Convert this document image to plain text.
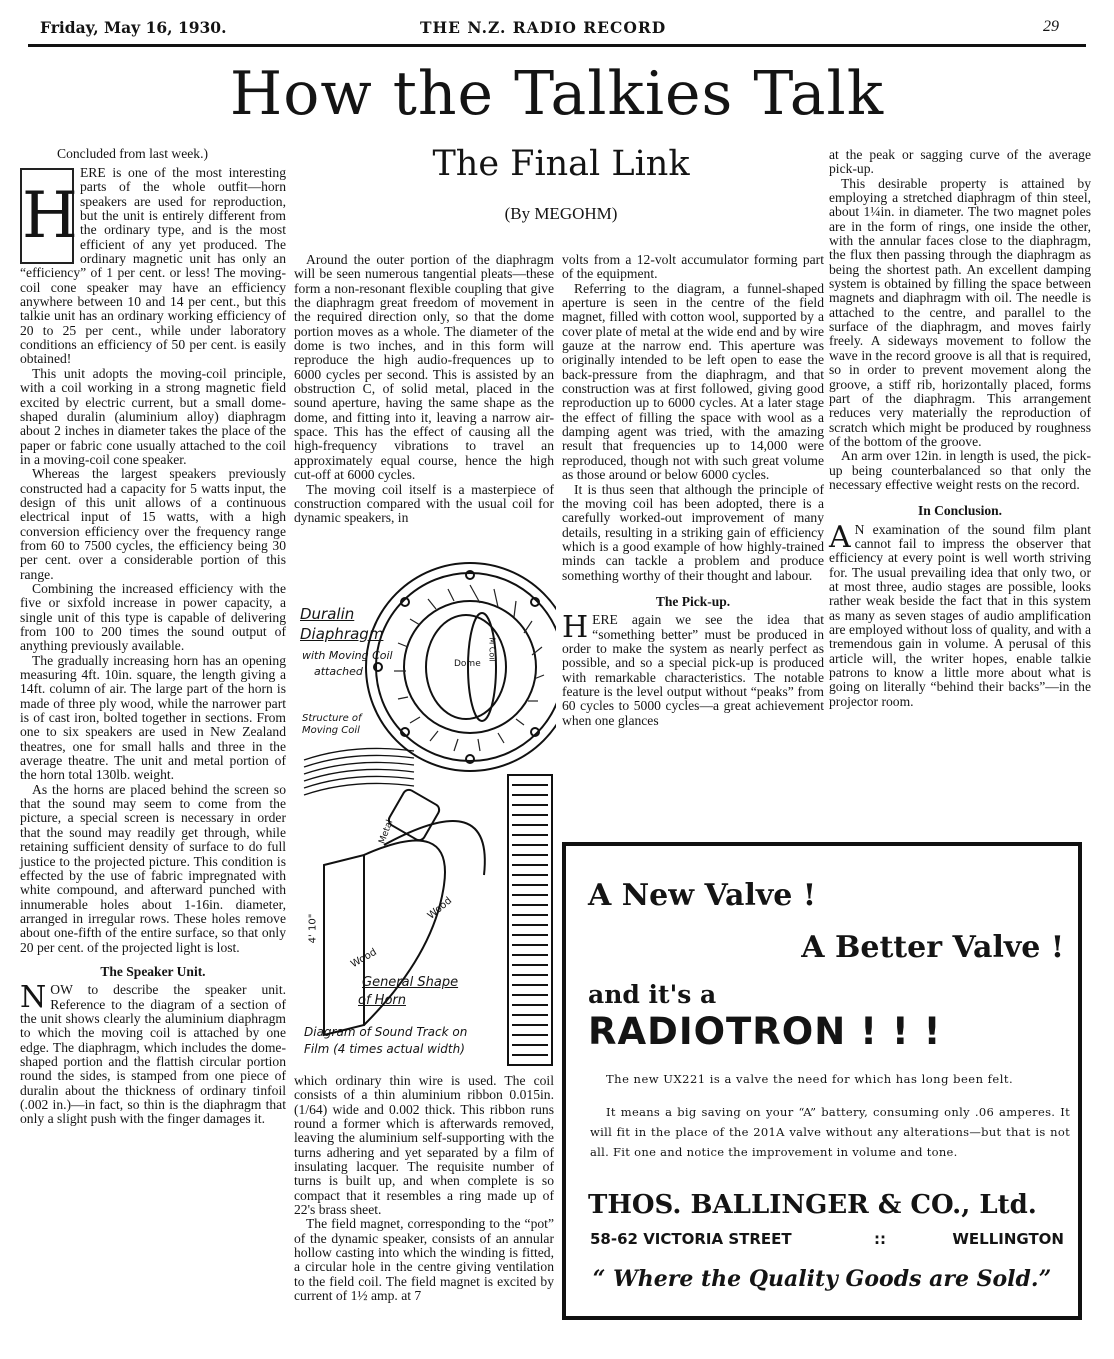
Friday, May 16, 1930.	THE N.Z. RADIO RECORD	29
How the Talkies Talk
Concluded from last week.)

H
ERE is one of the most interesting parts of the whole outfit—horn speakers are used for reproduction, but the unit is entirely different from the ordinary type, and is the most efficient of any yet produced. The ordinary magnetic unit has only an “efficiency” of 1 per cent. or less! The moving-coil cone speaker may have an efficiency anywhere between 10 and 14 per cent., but this talkie unit has an ordinary working efficiency of 20 to 25 per cent., while under laboratory conditions an efficiency of 50 per cent. is easily obtained!

This unit adopts the moving-coil principle, with a coil working in a strong magnetic field excited by electric current, but a small dome-shaped duralin (aluminium alloy) diaphragm about 2 inches in diameter takes the place of the paper or fabric cone usually attached to the coil in a moving-coil cone speaker.

Whereas the largest speakers previously constructed had a capacity for 5 watts input, the design of this unit allows of a continuous electrical input of 15 watts, with a high conversion efficiency over the frequency range from 60 to 7500 cycles, the efficiency being 30 per cent. over a considerable portion of this range.

Combining the increased efficiency with the five or sixfold increase in power capacity, a single unit of this type is capable of delivering from 100 to 200 times the sound output of anything previously available.

The gradually increasing horn has an opening measuring 4ft. 10in. square, the length giving a 14ft. column of air. The large part of the horn is made of three ply wood, while the narrower part is of cast iron, bolted together in sections. From one to six speakers are used in New Zealand theatres, one for small halls and three in the average theatre. The unit and metal portion of the horn total 130lb. weight.

As the horns are placed behind the screen so that the sound may seem to come from the picture, a special screen is necessary in order that the sound may readily get through, while retaining sufficient density of surface to do full justice to the projected picture. This condition is effected by the use of fabric impregnated with white compound, and afterward punched with innumerable holes about 1-16in. diameter, arranged in irregular rows. These holes remove about one-fifth of the entire surface, so that only 20 per cent. of the projected light is lost.

The Speaker Unit.

NOW to describe the speaker unit. Reference to the diagram of a section of the unit shows clearly the aluminium diaphragm to which the moving coil is attached by one edge. The diaphragm, which includes the dome-shaped portion and the flattish circular portion round the sides, is stamped from one piece of duralin about the thickness of ordinary tinfoil (.002 in.)—in fact, so thin is the diaphragm that only a slight push with the finger damages it.

The Final Link
(By MEGOHM)

Around the outer portion of the diaphragm will be seen numerous tangential pleats—these form a non-resonant flexible coupling that give the diaphragm great freedom of movement in the required direction only, so that the dome portion moves as a whole. The diameter of the dome is two inches, and in this form will reproduce the high audio-frequences up to 6000 cycles per second. This is assisted by an obstruction C, of solid metal, placed in the sound aperture, having the same shape as the dome, and fitting into it, leaving a narrow air-space. This has the effect of causing all the high-frequency vibrations to travel an approximately equal course, hence the high cut-off at 6000 cycles.

The moving coil itself is a masterpiece of construction compared with the usual coil for dynamic speakers, in

volts from a 12-volt accumulator forming part of the equipment.

Referring to the diagram, a funnel-shaped aperture is seen in the centre of the field magnet, filled with cotton wool, supported by a cover plate of metal at the wide end and by wire gauze at the narrow end. This aperture was originally intended to be left open to ease the back-pressure from the diaphragm, and that construction was at first followed, giving good reproduction up to 6000 cycles. At a later stage the effect of filling the space with wool as a damping agent was tried, with the amazing result that frequencies up to 14,000 were reproduced, though not with such great volume as those around or below 6000 cycles.

It is thus seen that although the principle of the moving coil has been adopted, there is a carefully worked-out improvement of many details, resulting in a striking gain of efficiency which is a good example of how highly-trained minds can tackle a problem and produce something worthy of their thought and labour.

The Pick-up.

HERE again we see the idea that “something better” must be produced in order to make the system as nearly perfect as possible, and so a special pick-up is produced with remarkable characteristics. The notable feature is the level output without “peaks” from 60 cycles to 5000 cycles—a great achievement when one glances

at the peak or sagging curve of the average pick-up.

This desirable property is attained by employing a stretched diaphragm of thin steel, about 1¼in. in diameter. The two magnet poles are in the form of rings, one inside the other, with the annular faces close to the diaphragm, the flux then passing through the diaphragm as being the shortest path. An excellent damping system is obtained by filling the space between magnets and diaphragm with oil. The needle is attached to the centre, and parallel to the surface of the diaphragm, and moves fairly freely. A sideways movement to follow the wave in the record groove is all that is required, so in order to prevent movement along the groove, a stiff rib, horizontally placed, forms part of the diaphragm. This arrangement reduces very materially the reproduction of scratch which might be produced by roughness of the bottom of the groove.

An arm over 12in. in length is used, the pick-up being counterbalanced so that only the necessary effective weight rests on the record.

In Conclusion.

A N examination of the sound film plant cannot fail to impress the observer that efficiency at every point is well worth striving for. The usual prevailing idea that only two, or at most three, audio stages are possible, looks rather weak beside the fact that in this system as many as seven stages of audio amplification are employed without loss of quality, and with a tremendous gain in volume. A perusal of this article will, the writer hopes, enable talkie patrons to know a little more about what is going on literally “behind their backs”—in the projector room.

Duralin
Diaphragm
with Moving Coil
attached
Structure of
Moving Coil
Dome
M Coil
Metal
Wood
Wood
4' 10"
General Shape
of Horn
Diagram of Sound Track on
Film (4 times actual width)

which ordinary thin wire is used. The coil consists of a thin aluminium ribbon 0.015in. (1/64) wide and 0.002 thick. This ribbon runs round a former which is afterwards removed, leaving the aluminium self-supporting with the turns adhering and yet separated by a film of insulating lacquer. The requisite number of turns is built up, and when complete is so compact that it resembles a ring made up of 22's brass sheet.

The field magnet, corresponding to the “pot” of the dynamic speaker, consists of an annular hollow casting into which the winding is fitted, a circular hole in the centre giving ventilation to the field coil. The field magnet is excited by current of 1½ amp. at 7

A New Valve !
A Better Valve !
and it's a
RADIOTRON ! ! !
The new UX221 is a valve the need for which has long been felt.
It means a big saving on your “A” battery, consuming only .06 amperes. It will fit in the place of the 201A valve without any alterations—but that is not all. Fit one and notice the improvement in volume and tone.
THOS. BALLINGER & CO., Ltd.
58-62 VICTORIA STREET	::	WELLINGTON
“ Where the Quality Goods are Sold.”
